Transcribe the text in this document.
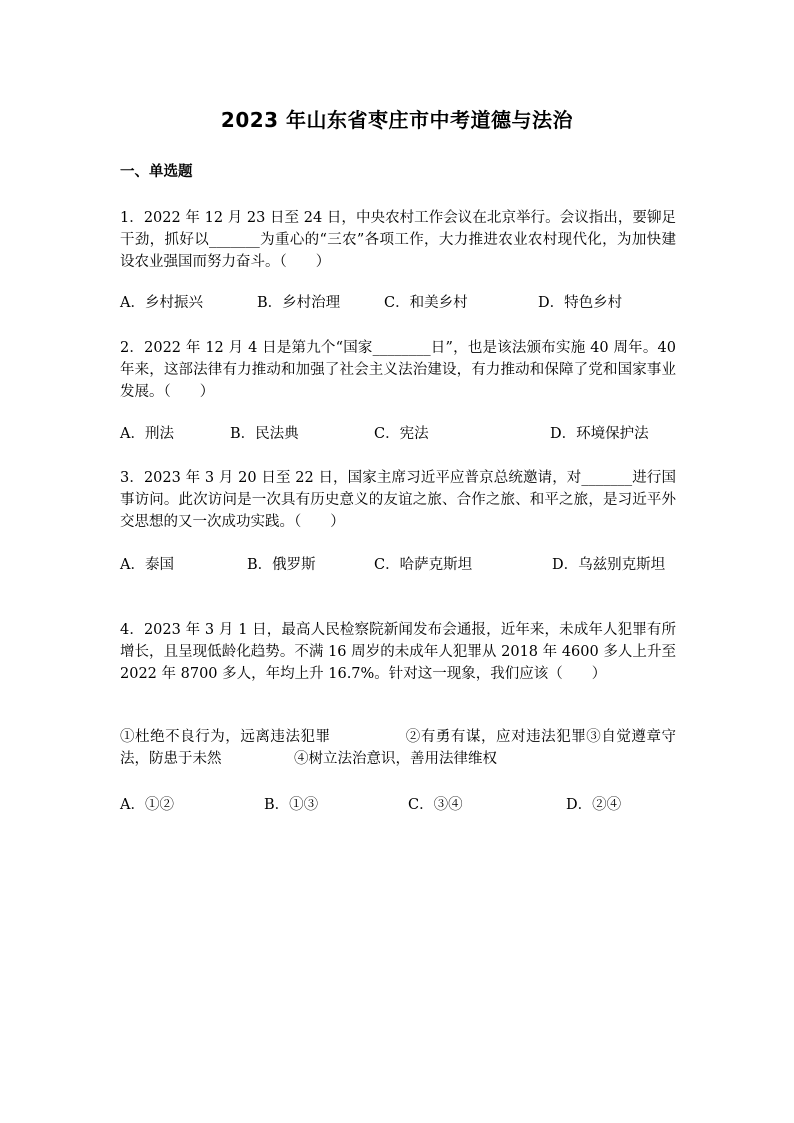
2023 年山东省枣庄市中考道德与法治
一、单选题
1．2022 年 12 月 23 日至 24 日，中央农村工作会议在北京举行。会议指出，要铆足干劲，抓好以_______为重心的“三农”各项工作，大力推进农业农村现代化，为加快建设农业强国而努力奋斗。（　　）
A．乡村振兴	B．乡村治理	C．和美乡村	D．特色乡村
2．2022 年 12 月 4 日是第九个“国家________日”，也是该法颁布实施 40 周年。40 年来，这部法律有力推动和加强了社会主义法治建设，有力推动和保障了党和国家事业发展。（　　）
A．刑法	B．民法典	C．宪法	D．环境保护法
3．2023 年 3 月 20 日至 22 日，国家主席习近平应普京总统邀请，对_______进行国事访问。此次访问是一次具有历史意义的友谊之旅、合作之旅、和平之旅，是习近平外交思想的又一次成功实践。（　　）
A．泰国	B．俄罗斯	C．哈萨克斯坦	D．乌兹别克斯坦
4．2023 年 3 月 1 日，最高人民检察院新闻发布会通报，近年来，未成年人犯罪有所增长，且呈现低龄化趋势。不满 16 周岁的未成年人犯罪从 2018 年 4600 多人上升至 2022 年 8700 多人，年均上升 16.7%。针对这一现象，我们应该（　　）
①杜绝不良行为，远离违法犯罪　　　　　②有勇有谋，应对违法犯罪③自觉遵章守法，防患于未然　　　　　④树立法治意识，善用法律维权
A．①②	B．①③	C．③④	D．②④
